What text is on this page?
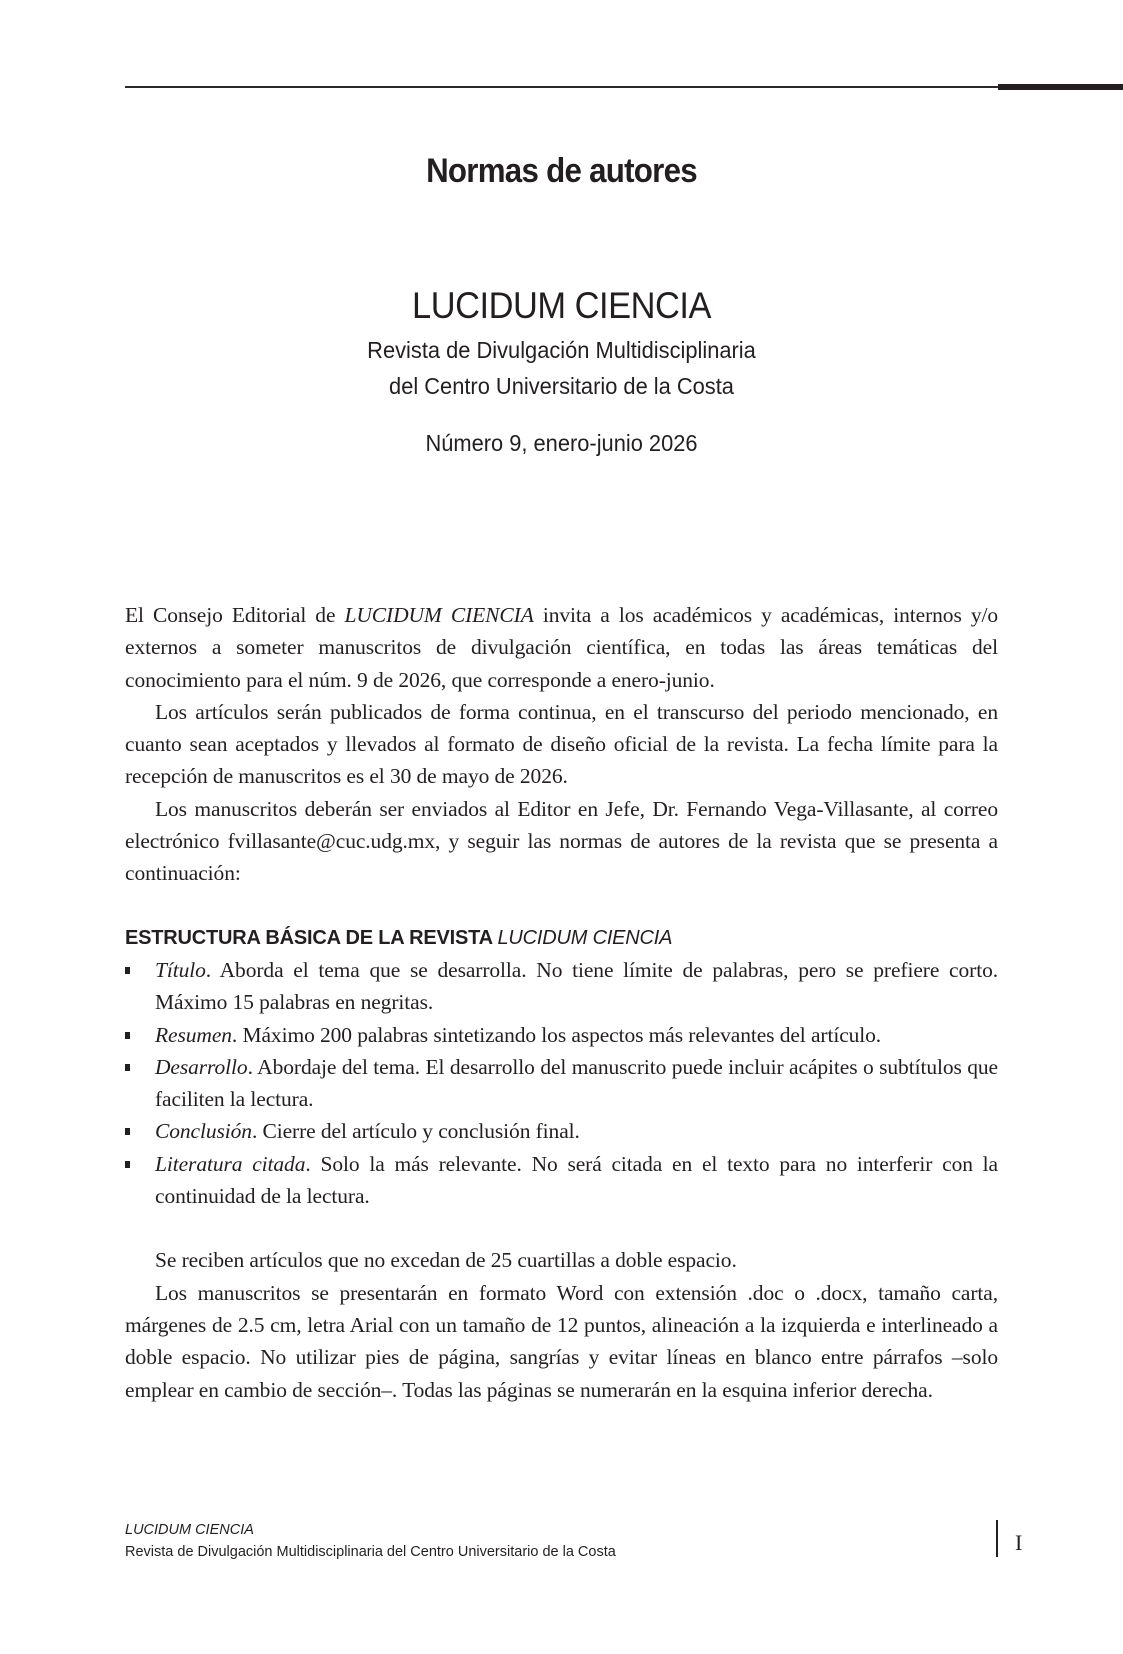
Normas de autores
LUCIDUM CIENCIA
Revista de Divulgación Multidisciplinaria
del Centro Universitario de la Costa
Número 9, enero-junio 2026

El Consejo Editorial de LUCIDUM CIENCIA invita a los académicos y académicas, internos y/o externos a someter manuscritos de divulgación científica, en todas las áreas temáticas del conocimiento para el núm. 9 de 2026, que corresponde a enero-junio.

Los artículos serán publicados de forma continua, en el transcurso del periodo mencionado, en cuanto sean aceptados y llevados al formato de diseño oficial de la revista. La fecha límite para la recepción de manuscritos es el 30 de mayo de 2026.

Los manuscritos deberán ser enviados al Editor en Jefe, Dr. Fernando Vega-Villasante, al correo electrónico fvillasante@cuc.udg.mx, y seguir las normas de autores de la revista que se presenta a continuación:

ESTRUCTURA BÁSICA DE LA REVISTA LUCIDUM CIENCIA

Título. Aborda el tema que se desarrolla. No tiene límite de palabras, pero se prefiere corto. Máximo 15 palabras en negritas.
Resumen. Máximo 200 palabras sintetizando los aspectos más relevantes del artículo.
Desarrollo. Abordaje del tema. El desarrollo del manuscrito puede incluir acápites o subtítulos que faciliten la lectura.
Conclusión. Cierre del artículo y conclusión final.
Literatura citada. Solo la más relevante. No será citada en el texto para no interferir con la continuidad de la lectura.

Se reciben artículos que no excedan de 25 cuartillas a doble espacio.

Los manuscritos se presentarán en formato Word con extensión .doc o .docx, tamaño carta, márgenes de 2.5 cm, letra Arial con un tamaño de 12 puntos, alineación a la izquierda e interlineado a doble espacio. No utilizar pies de página, sangrías y evitar líneas en blanco entre párrafos –solo emplear en cambio de sección–. Todas las páginas se numerarán en la esquina inferior derecha.

LUCIDUM CIENCIA
Revista de Divulgación Multidisciplinaria del Centro Universitario de la Costa	I
